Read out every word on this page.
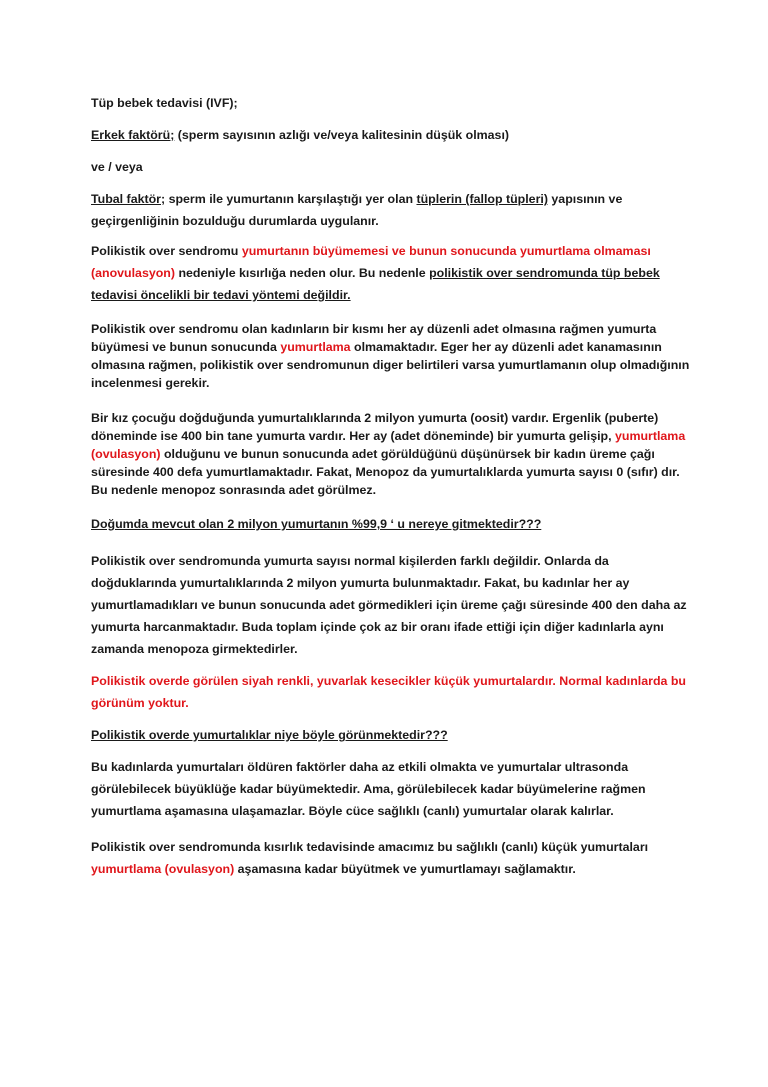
Tüp bebek tedavisi (IVF);

Erkek faktörü; (sperm sayısının azlığı ve/veya kalitesinin düşük olması)

ve / veya

Tubal faktör; sperm ile yumurtanın karşılaştığı yer olan tüplerin (fallop tüpleri) yapısının ve geçirgenliğinin bozulduğu durumlarda uygulanır.

Polikistik over sendromu yumurtanın büyümemesi ve bunun sonucunda yumurtlama olmaması (anovulasyon) nedeniyle kısırlığa neden olur. Bu nedenle polikistik over sendromunda tüp bebek tedavisi öncelikli bir tedavi yöntemi değildir.

Polikistik over sendromu olan kadınların bir kısmı her ay düzenli adet olmasına rağmen yumurta büyümesi ve bunun sonucunda yumurtlama olmamaktadır. Eger her ay düzenli adet kanamasının olmasına rağmen, polikistik over sendromunun diger belirtileri varsa yumurtlamanın olup olmadığının incelenmesi gerekir.

Bir kız çocuğu doğduğunda yumurtalıklarında 2 milyon yumurta (oosit) vardır. Ergenlik (puberte) döneminde ise 400 bin tane yumurta vardır. Her ay (adet döneminde) bir yumurta gelişip, yumurtlama (ovulasyon) olduğunu ve bunun sonucunda adet görüldüğünü düşünürsek bir kadın üreme çağı süresinde 400 defa yumurtlamaktadır. Fakat, Menopoz da yumurtalıklarda yumurta sayısı 0 (sıfır) dır. Bu nedenle menopoz sonrasında adet görülmez.

Doğumda mevcut olan 2 milyon yumurtanın %99,9 ‘ u nereye gitmektedir???

Polikistik over sendromunda yumurta sayısı normal kişilerden farklı değildir. Onlarda da doğduklarında yumurtalıklarında 2 milyon yumurta bulunmaktadır. Fakat, bu kadınlar her ay yumurtlamadıkları ve bunun sonucunda adet görmedikleri için üreme çağı süresinde 400 den daha az yumurta harcanmaktadır. Buda toplam içinde çok az bir oranı ifade ettiği için diğer kadınlarla aynı zamanda menopoza girmektedirler.

Polikistik overde görülen siyah renkli, yuvarlak kesecikler küçük yumurtalardır. Normal kadınlarda bu görünüm yoktur.

Polikistik overde yumurtalıklar niye böyle görünmektedir???

Bu kadınlarda yumurtaları öldüren faktörler daha az etkili olmakta ve yumurtalar ultrasonda görülebilecek büyüklüğe kadar büyümektedir. Ama, görülebilecek kadar büyümelerine rağmen yumurtlama aşamasına ulaşamazlar. Böyle cüce sağlıklı (canlı) yumurtalar olarak kalırlar.

Polikistik over sendromunda kısırlık tedavisinde amacımız bu sağlıklı (canlı) küçük yumurtaları yumurtlama (ovulasyon) aşamasına kadar büyütmek ve yumurtlamayı sağlamaktır.
